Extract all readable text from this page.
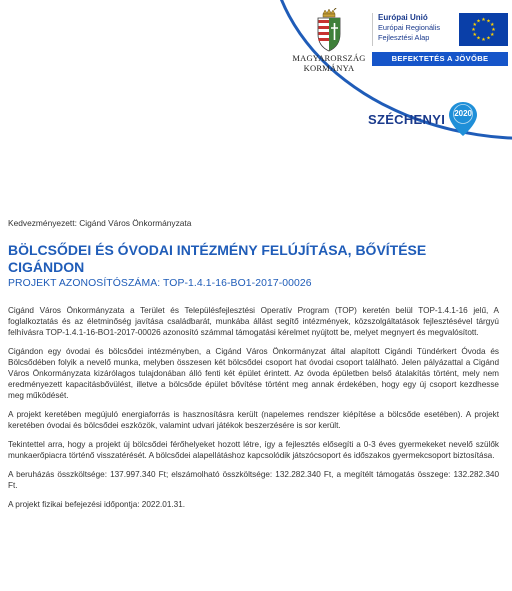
MAGYARORSZÁG
KORMÁNYA
Európai Unió
Európai Regionális
Fejlesztési Alap
★ ★
★
★
★
★
★
★
★
★
★
★
BEFEKTETÉS A JÖVŐBE
SZÉCHENYI	2020
Kedvezményezett: Cigánd Város Önkormányzata
BÖLCSŐDEI ÉS ÓVODAI INTÉZMÉNY FELÚJÍTÁSA, BŐVÍTÉSE CIGÁNDON
PROJEKT AZONOSÍTÓSZÁMA: TOP-1.4.1-16-BO1-2017-00026

Cigánd Város Önkormányzata a Terület és Településfejlesztési Operatív Program (TOP) keretén belül TOP-1.4.1-16 jelű, A foglalkoztatás és az életminőség javítása családbarát, munkába állást segítő intézmények, közszolgáltatások fejlesztésével tárgyú felhívásra TOP-1.4.1-16-BO1-2017-00026 azonosító számmal támogatási kérelmet nyújtott be, melyet megnyert és megvalósított.

Cigándon egy óvodai és bölcsődei intézményben, a Cigánd Város Önkormányzat által alapított Cigándi Tündérkert Óvoda és Bölcsődében folyik a nevelő munka, melyben összesen két bölcsődei csoport hat óvodai csoport található. Jelen pályázattal a Cigánd Város Önkormányzata kizárólagos tulajdonában álló fenti két épület érintett. Az óvoda épületben belső átalakítás történt, mely nem eredményezett kapacitásbővülést, illetve a bölcsőde épület bővítése történt meg annak érdekében, hogy egy új csoport kezdhesse meg működését.

A projekt keretében megújuló energiaforrás is hasznosításra került (napelemes rendszer kiépítése a bölcsőde esetében). A projekt keretében óvodai és bölcsődei eszközök, valamint udvari játékok beszerzésére is sor került.

Tekintettel arra, hogy a projekt új bölcsődei férőhelyeket hozott létre, így a fejlesztés elősegíti a 0-3 éves gyermekeket nevelő szülők munkaerőpiacra történő visszatérését. A bölcsődei alapellátáshoz kapcsolódik játszócsoport és időszakos gyermekcsoport biztosítása.

A beruházás összköltsége: 137.997.340 Ft; elszámolható összköltsége: 132.282.340 Ft, a megítélt támogatás összege: 132.282.340 Ft.

A projekt fizikai befejezési időpontja: 2022.01.31.
